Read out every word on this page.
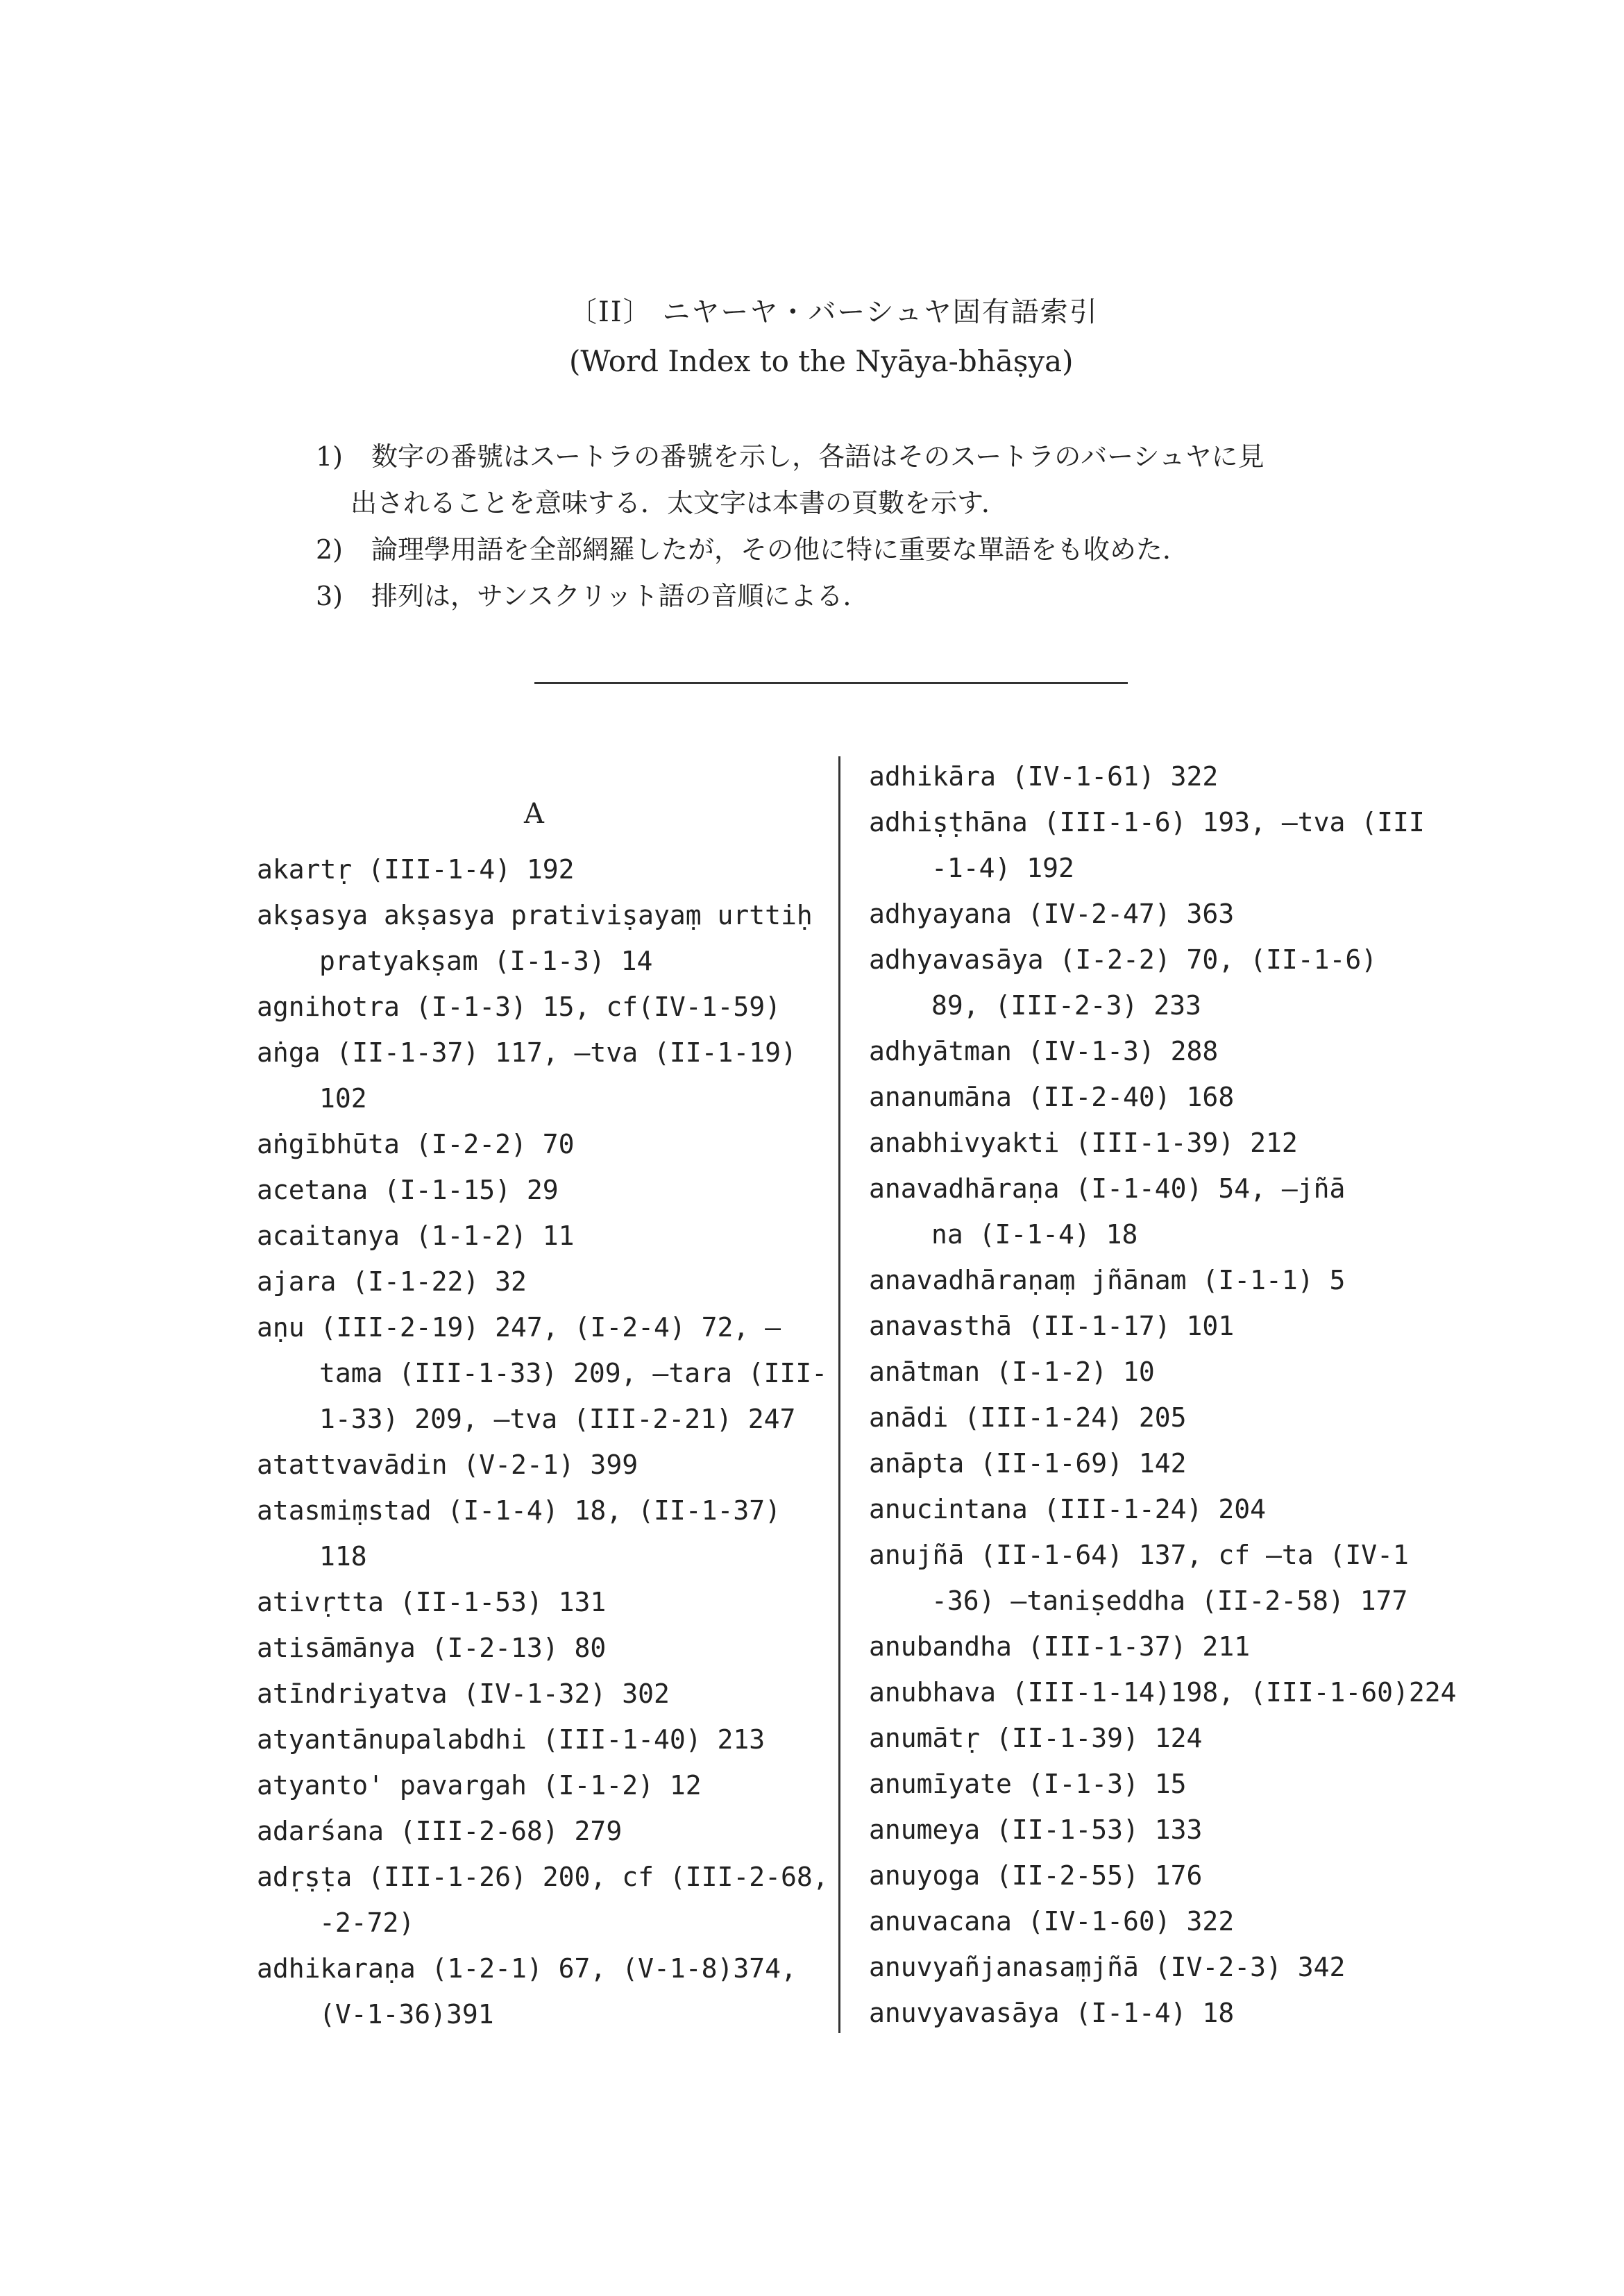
〔II〕 ニヤーヤ・バーシュヤ固有語索引
(Word Index to the Nyāya-bhāṣya)
1) 数字の番號はスートラの番號を示し，各語はそのスートラのバーシュヤに見
出されることを意味する．太文字は本書の頁數を示す．
2) 論理學用語を全部網羅したが，その他に特に重要な單語をも收めた．
3) 排列は，サンスクリット語の音順による．
A
akartṛ (III-1-4) 192
akṣasya akṣasya prativiṣayaṃ urttiḥ
pratyakṣam (I-1-3) 14
agnihotra (I-1-3) 15, cf(IV-1-59)
aṅga (II-1-37) 117, —tva (II-1-19)
102
aṅgībhūta (I-2-2) 70
acetana (I-1-15) 29
acaitanya (1-1-2) 11
ajara (I-1-22) 32
aṇu (III-2-19) 247, (I-2-4) 72, —
tama (III-1-33) 209, —tara (III-
1-33) 209, —tva (III-2-21) 247
atattvavādin (V-2-1) 399
atasmiṃstad (I-1-4) 18, (II-1-37)
118
ativṛtta (II-1-53) 131
atisāmānya (I-2-13) 80
atīndriyatva (IV-1-32) 302
atyantānupalabdhi (III-1-40) 213
atyanto' pavargah (I-1-2) 12
adarśana (III-2-68) 279
adṛṣṭa (III-1-26) 200, cf (III-2-68,
-2-72)
adhikaraṇa (1-2-1) 67, (V-1-8)374,
(V-1-36)391
adhikāra (IV-1-61) 322
adhiṣṭhāna (III-1-6) 193, —tva (III
-1-4) 192
adhyayana (IV-2-47) 363
adhyavasāya (I-2-2) 70, (II-1-6)
89, (III-2-3) 233
adhyātman (IV-1-3) 288
ananumāna (II-2-40) 168
anabhivyakti (III-1-39) 212
anavadhāraṇa (I-1-40) 54, —jñā
na (I-1-4) 18
anavadhāraṇaṃ jñānam (I-1-1) 5
anavasthā (II-1-17) 101
anātman (I-1-2) 10
anādi (III-1-24) 205
anāpta (II-1-69) 142
anucintana (III-1-24) 204
anujñā (II-1-64) 137, cf —ta (IV-1
-36) —taniṣeddha (II-2-58) 177
anubandha (III-1-37) 211
anubhava (III-1-14)198, (III-1-60)224
anumātṛ (II-1-39) 124
anumīyate (I-1-3) 15
anumeya (II-1-53) 133
anuyoga (II-2-55) 176
anuvacana (IV-1-60) 322
anuvyañjanasaṃjñā (IV-2-3) 342
anuvyavasāya (I-1-4) 18
